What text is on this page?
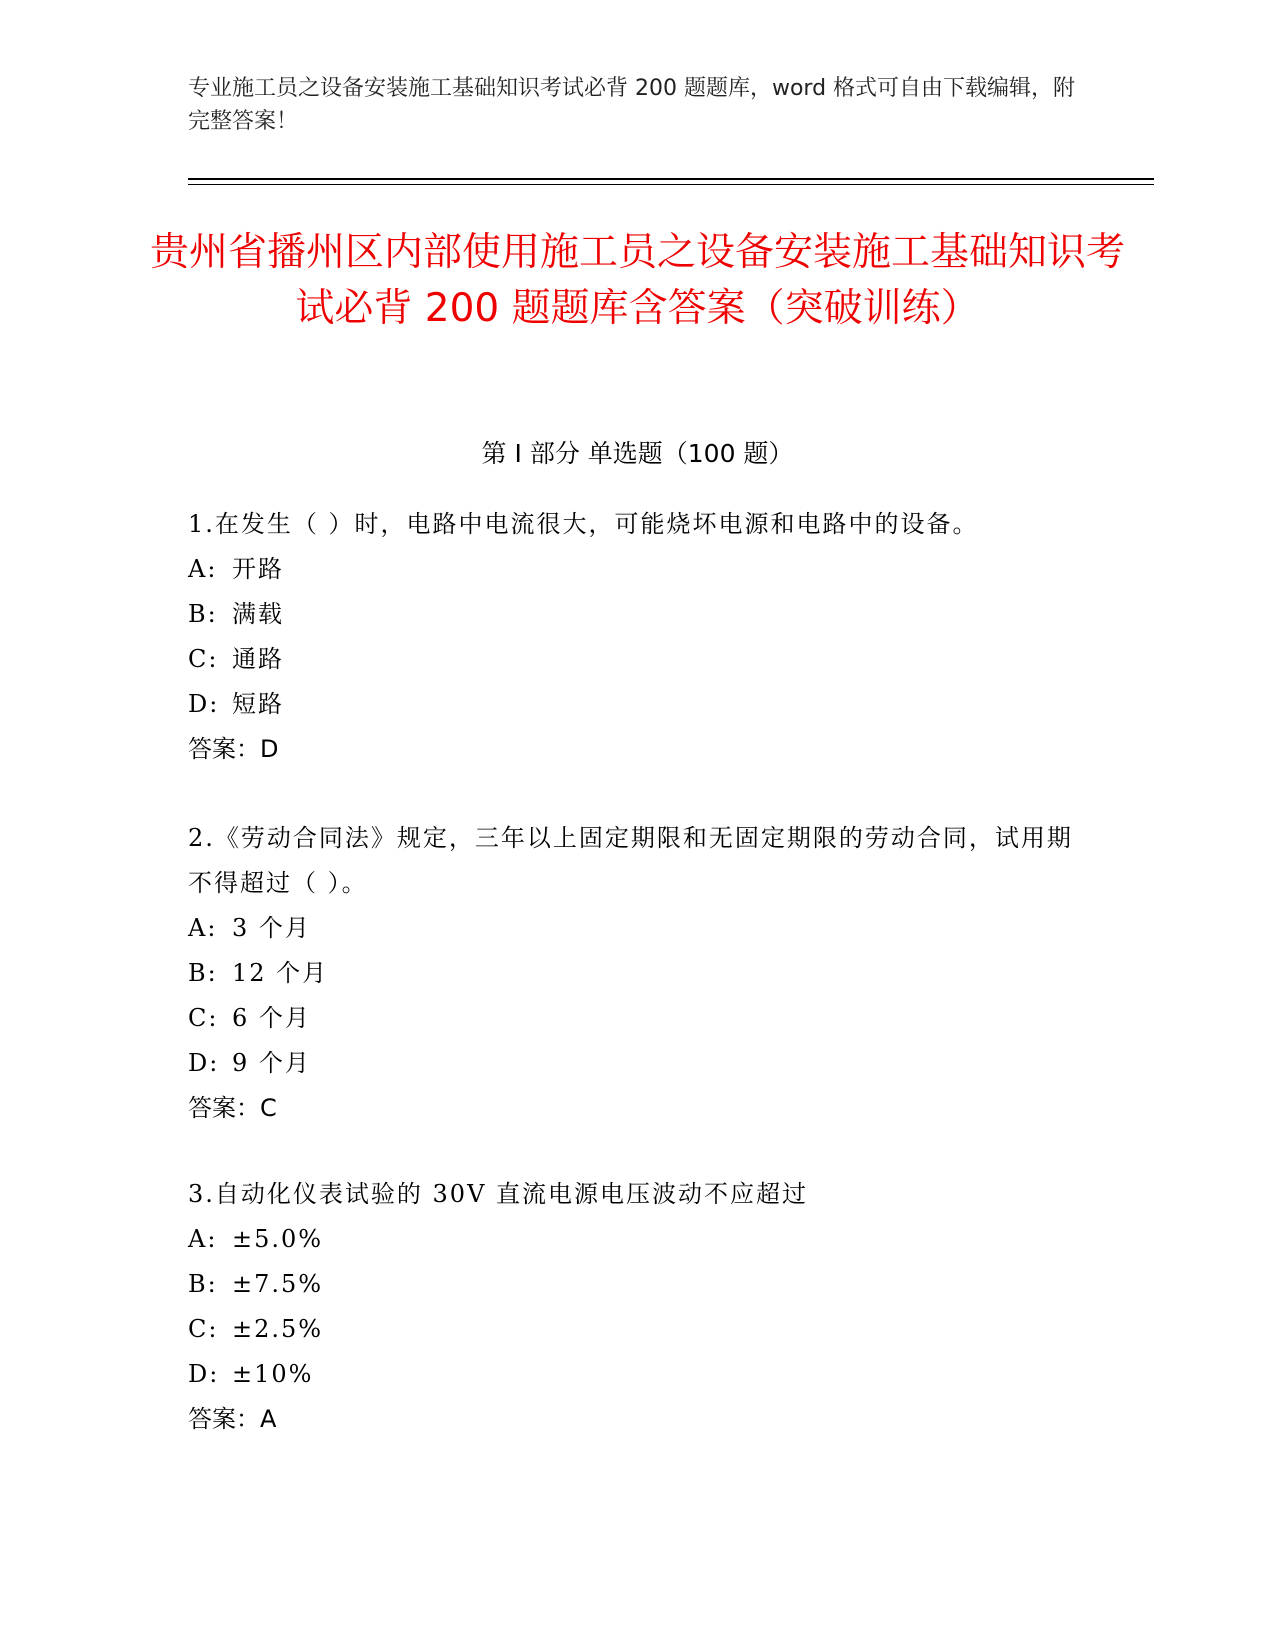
专业施工员之设备安装施工基础知识考试必背 200 题题库，word 格式可自由下载编辑，附完整答案！
贵州省播州区内部使用施工员之设备安装施工基础知识考试必背 200 题题库含答案（突破训练）
第 I 部分 单选题（100 题）

1.在发生（ ）时，电路中电流很大，可能烧坏电源和电路中的设备。

A: 开路

B: 满载

C: 通路

D: 短路

答案：D

2.《劳动合同法》规定，三年以上固定期限和无固定期限的劳动合同，试用期不得超过（ ）。

A: 3 个月

B: 12 个月

C: 6 个月

D: 9 个月

答案：C

3.自动化仪表试验的 30V 直流电源电压波动不应超过

A: ±5.0%

B: ±7.5%

C: ±2.5%

D: ±10%

答案：A
